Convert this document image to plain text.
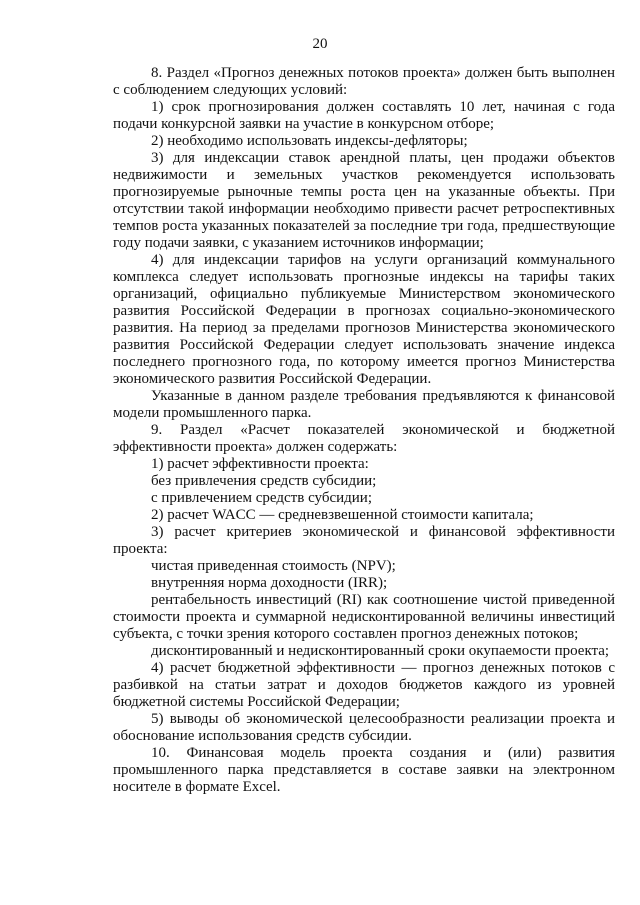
20

8. Раздел «Прогноз денежных потоков проекта» должен быть выполнен с соблюдением следующих условий:

1) срок прогнозирования должен составлять 10 лет, начиная с года подачи конкурсной заявки на участие в конкурсном отборе;

2) необходимо использовать индексы-дефляторы;

3) для индексации ставок арендной платы, цен продажи объектов недвижимости и земельных участков рекомендуется использовать прогнозируемые рыночные темпы роста цен на указанные объекты. При отсутствии такой информации необходимо привести расчет ретроспективных темпов роста указанных показателей за последние три года, предшествующие году подачи заявки, с указанием источников информации;

4) для индексации тарифов на услуги организаций коммунального комплекса следует использовать прогнозные индексы на тарифы таких организаций, официально публикуемые Министерством экономического развития Российской Федерации в прогнозах социально-экономического развития. На период за пределами прогнозов Министерства экономического развития Российской Федерации следует использовать значение индекса последнего прогнозного года, по которому имеется прогноз Министерства экономического развития Российской Федерации.

Указанные в данном разделе требования предъявляются к финансовой модели промышленного парка.

9. Раздел «Расчет показателей экономической и бюджетной эффективности проекта» должен содержать:

1) расчет эффективности проекта:

без привлечения средств субсидии;

с привлечением средств субсидии;

2) расчет WACC — средневзвешенной стоимости капитала;

3) расчет критериев экономической и финансовой эффективности проекта:

чистая приведенная стоимость (NPV);

внутренняя норма доходности (IRR);

рентабельность инвестиций (RI) как соотношение чистой приведенной стоимости проекта и суммарной недисконтированной величины инвестиций субъекта, с точки зрения которого составлен прогноз денежных потоков;

дисконтированный и недисконтированный сроки окупаемости проекта;

4) расчет бюджетной эффективности — прогноз денежных потоков с разбивкой на статьи затрат и доходов бюджетов каждого из уровней бюджетной системы Российской Федерации;

5) выводы об экономической целесообразности реализации проекта и обоснование использования средств субсидии.

10. Финансовая модель проекта создания и (или) развития промышленного парка представляется в составе заявки на электронном носителе в формате Excel.
